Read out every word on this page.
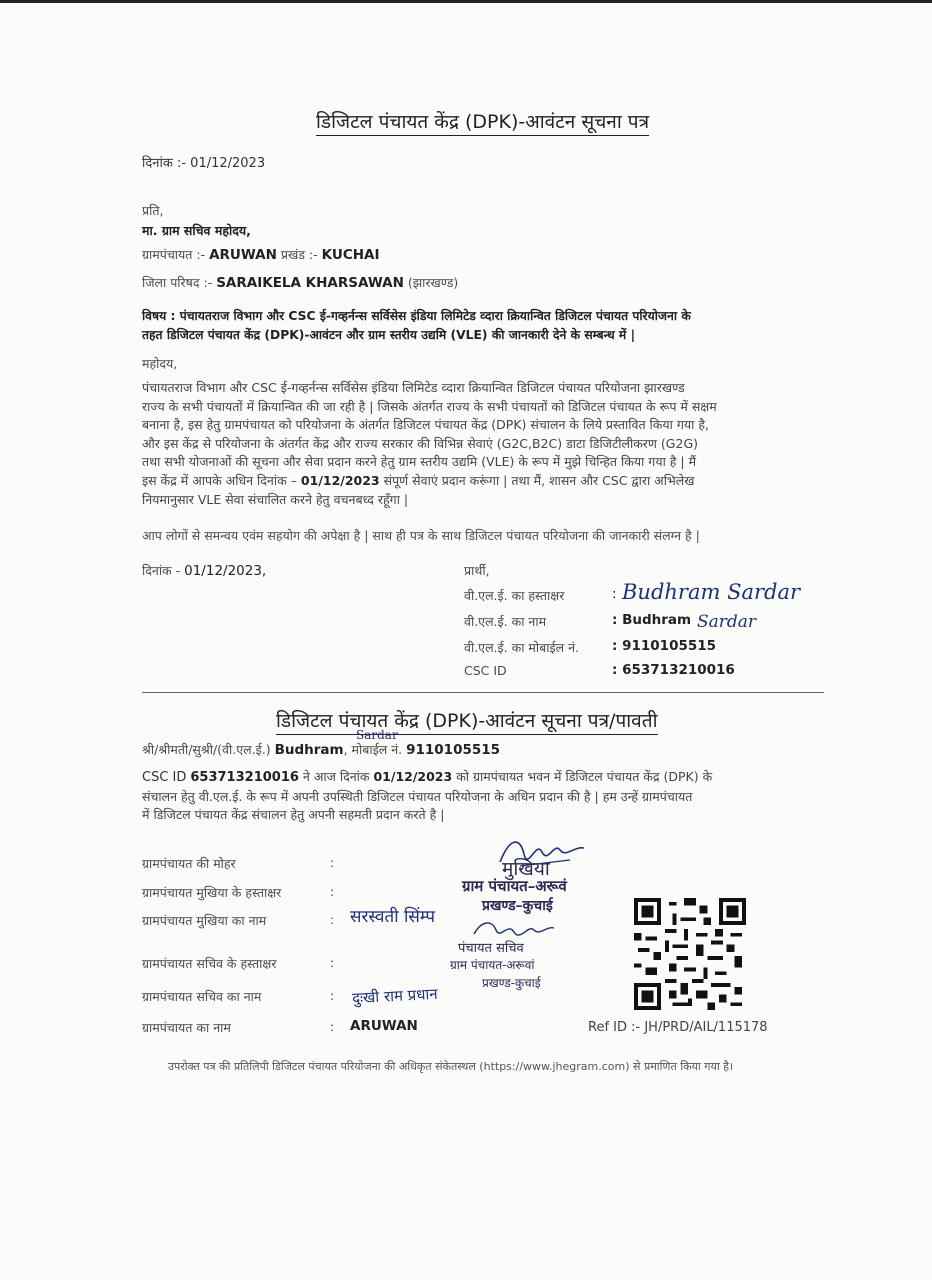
डिजिटल पंचायत केंद्र (DPK)-आवंटन सूचना पत्र
दिनांक :- 01/12/2023
प्रति,
मा. ग्राम सचिव महोदय,
ग्रामपंचायत :- ARUWAN प्रखंड :- KUCHAI
जिला परिषद :- SARAIKELA KHARSAWAN (झारखण्ड)
विषय : पंचायतराज विभाग और CSC ई-गव्हर्नन्स सर्विसेस इंडिया लिमिटेड व्दारा क्रियान्वित डिजिटल पंचायत परियोजना के
तहत डिजिटल पंचायत केंद्र (DPK)-आवंटन और ग्राम स्तरीय उद्यमि (VLE) की जानकारी देने के सम्बन्ध में |
महोदय,
पंचायतराज विभाग और CSC ई-गव्हर्नन्स सर्विसेस इंडिया लिमिटेड व्दारा क्रियान्वित डिजिटल पंचायत परियोजना झारखण्ड
राज्य के सभी पंचायतों में क्रियान्वित की जा रही है | जिसके अंतर्गत राज्य के सभी पंचायतों को डिजिटल पंचायत के रूप में सक्षम
बनाना है, इस हेतु ग्रामपंचायत को परियोजना के अंतर्गत डिजिटल पंचायत केंद्र (DPK) संचालन के लिये प्रस्तावित किया गया है,
और इस केंद्र से परियोजना के अंतर्गत केंद्र और राज्य सरकार की विभिन्न सेवाएं (G2C,B2C) डाटा डिजिटीलीकरण (G2G)
तथा सभी योजनाओं की सूचना और सेवा प्रदान करने हेतु ग्राम स्तरीय उद्यमि (VLE) के रूप में मुझे चिन्हित किया गया है | मैं
इस केंद्र में आपके अधिन दिनांक – 01/12/2023 संपूर्ण सेवाएं प्रदान करूंगा | तथा मैं, शासन और CSC द्वारा अभिलेख
नियमानुसार VLE सेवा संचालित करने हेतु वचनबध्द रहूँगा |
आप लोगों से समन्वय एवंम सहयोग की अपेक्षा है | साथ ही पत्र के साथ डिजिटल पंचायत परियोजना की जानकारी संलग्न है |
दिनांक - 01/12/2023,	प्रार्थी,
वी.एल.ई. का हस्ताक्षर	: Budhram Sardar
वी.एल.ई. का नाम	: Budhram Sardar
वी.एल.ई. का मोबाईल नं. : 9110105515
CSC ID	: 653713210016
डिजिटल पंचायत केंद्र (DPK)-आवंटन सूचना पत्र/पावती
Sardar
श्री/श्रीमती/सुश्री/(वी.एल.ई.) Budhram, मोबाईल नं. 9110105515
CSC ID 653713210016 ने आज दिनांक 01/12/2023 को ग्रामपंचायत भवन में डिजिटल पंचायत केंद्र (DPK) के
संचालन हेतु वी.एल.ई. के रूप में अपनी उपस्थिती डिजिटल पंचायत परियोजना के अधिन प्रदान की है | हम उन्हें ग्रामपंचायत
में डिजिटल पंचायत केंद्र संचालन हेतु अपनी सहमती प्रदान करते है |
ग्रामपंचायत की मोहर	:
ग्रामपंचायत मुखिया के हस्ताक्षर	:
ग्रामपंचायत मुखिया का नाम	: सरस्वती सिंम्प
ग्रामपंचायत सचिव के हस्ताक्षर	:
ग्रामपंचायत सचिव का नाम	: दुःखी राम प्रधान
ग्रामपंचायत का नाम	: ARUWAN
मुखिया
ग्राम पंचायत–अरूवं
प्रखण्ड–कुचाई
पंचायत सचिव
ग्राम पंचायत-अरूवां
प्रखण्ड-कुचाई
Ref ID :- JH/PRD/AIL/115178
उपरोक्त पत्र की प्रतिलिपी डिजिटल पंचायत परियोजना की अधिकृत संकेतस्थल (https://www.jhegram.com) से प्रमाणित किया गया है।
